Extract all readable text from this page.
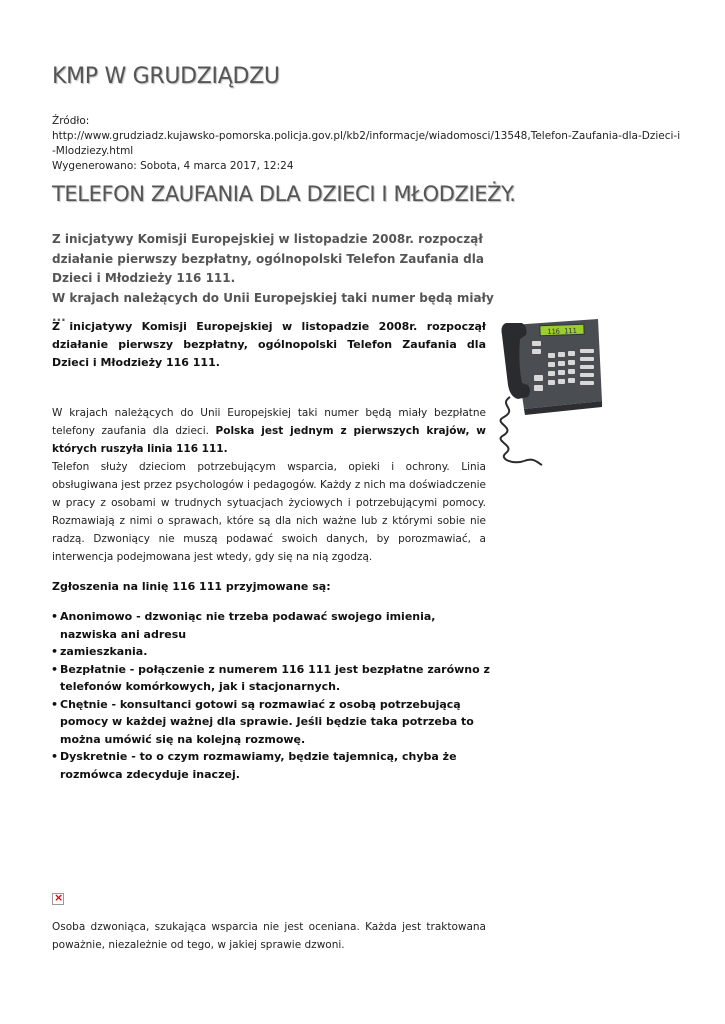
KMP W GRUDZIĄDZU
Źródło:
http://www.grudziadz.kujawsko-pomorska.policja.gov.pl/kb2/informacje/wiadomosci/13548,Telefon-Zaufania-dla-Dzieci-i-Mlodziezy.html
Wygenerowano: Sobota, 4 marca 2017, 12:24
TELEFON ZAUFANIA DLA DZIECI I MŁODZIEŻY.

Z inicjatywy Komisji Europejskiej w listopadzie 2008r. rozpoczął działanie pierwszy bezpłatny, ogólnopolski Telefon Zaufania dla Dzieci i Młodzieży 116 111.

W krajach należących do Unii Europejskiej taki numer będą miały ...

Z inicjatywy Komisji Europejskiej w listopadzie 2008r. rozpoczął działanie pierwszy bezpłatny, ogólnopolski Telefon Zaufania dla Dzieci i Młodzieży 116 111.

116 111

W krajach należących do Unii Europejskiej taki numer będą miały bezpłatne telefony zaufania dla dzieci. Polska jest jednym z pierwszych krajów, w których ruszyła linia 116 111.

Telefon służy dzieciom potrzebującym wsparcia, opieki i ochrony. Linia obsługiwana jest przez psychologów i pedagogów. Każdy z nich ma doświadczenie w pracy z osobami w trudnych sytuacjach życiowych i potrzebującymi pomocy. Rozmawiają z nimi o sprawach, które są dla nich ważne lub z którymi sobie nie radzą. Dzwoniący nie muszą podawać swoich danych, by porozmawiać, a interwencja podejmowana jest wtedy, gdy się na nią zgodzą.

Zgłoszenia na linię 116 111 przyjmowane są:

• Anonimowo - dzwoniąc nie trzeba podawać swojego imienia, nazwiska ani adresu
• zamieszkania.
• Bezpłatnie - połączenie z numerem 116 111 jest bezpłatne zarówno z telefonów komórkowych, jak i stacjonarnych.
• Chętnie - konsultanci gotowi są rozmawiać z osobą potrzebującą pomocy w każdej ważnej dla sprawie. Jeśli będzie taka potrzeba to można umówić się na kolejną rozmowę.
• Dyskretnie - to o czym rozmawiamy, będzie tajemnicą, chyba że rozmówca zdecyduje inaczej.
×

Osoba dzwoniąca, szukająca wsparcia nie jest oceniana. Każda jest traktowana poważnie, niezależnie od tego, w jakiej sprawie dzwoni.
